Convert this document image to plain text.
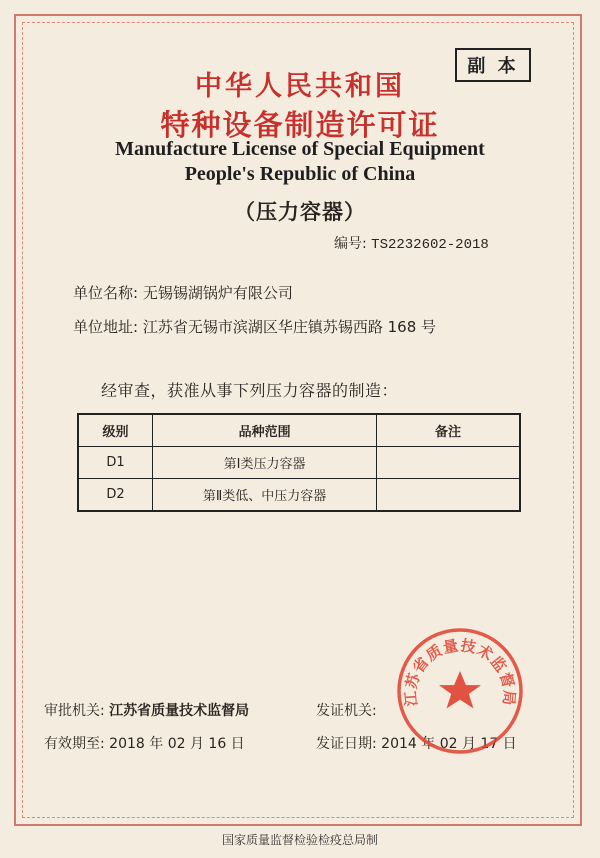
副 本
中华人民共和国
特种设备制造许可证
Manufacture License of Special Equipment
People's Republic of China
（压力容器）
编号: TS2232602-2018
单位名称: 无锡锡湖锅炉有限公司
单位地址: 江苏省无锡市滨湖区华庄镇苏锡西路 168 号
经审查，获准从事下列压力容器的制造：
级别	品种范围	备注
D1	第Ⅰ类压力容器	
D2	第Ⅱ类低、中压力容器	
审批机关: 江苏省质量技术监督局
有效期至: 2018 年 02 月 16 日
发证机关:
发证日期: 2014 年 02 月 17 日
江苏省质量技术监督局
国家质量监督检验检疫总局制
